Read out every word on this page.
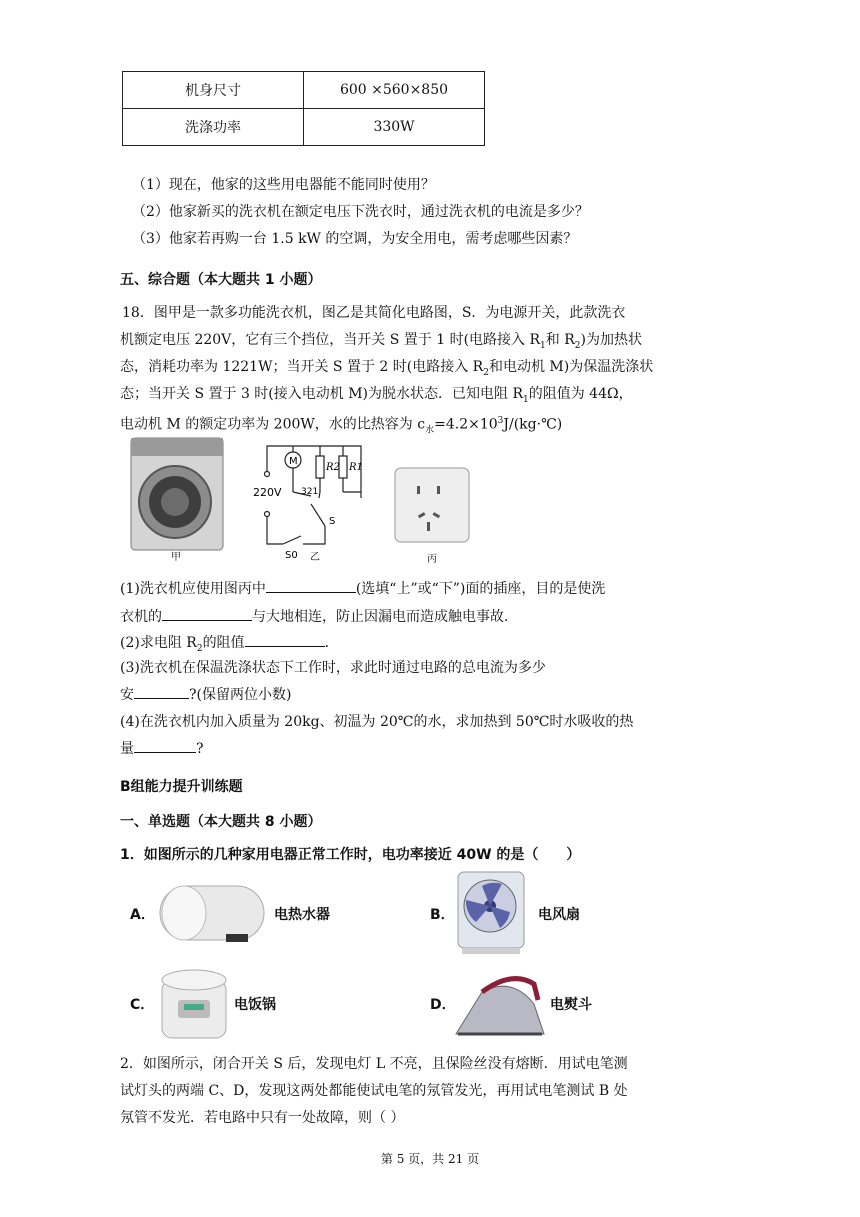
机身尺寸	600 ×560×850
洗涤功率	330W
（1）现在，他家的这些用电器能不能同时使用？
（2）他家新买的洗衣机在额定电压下洗衣时，通过洗衣机的电流是多少？
（3）他家若再购一台 1.5 kW 的空调，为安全用电，需考虑哪些因素？
五、综合题（本大题共 1 小题）
18．图甲是一款多功能洗衣机，图乙是其简化电路图，S．为电源开关，此款洗衣
机额定电压 220V，它有三个挡位，当开关 S 置于 1 时(电路接入 $R_1$和 $R_2$)为加热状
态，消耗功率为 1221W；当开关 S 置于 2 时(电路接入 $R_2$和电动机 M)为保温洗涤状
态；当开关 S 置于 3 时(接入电动机 M)为脱水状态．已知电阻 $R_1$的阻值为 44Ω，
电动机 M 的额定功率为 200W，水的比热容为 $c_水=4.2\times 10^3J/(kg\cdot℃)$
甲
M
R2 R1
220V 321
S
S0 乙	丙
(1)洗衣机应使用图丙中	(选填“上”或“下”)面的插座，目的是使洗
衣机的	与大地相连，防止因漏电而造成触电事故．
(2)求电阻 $R_2$的阻值	．
(3)洗衣机在保温洗涤状态下工作时，求此时通过电路的总电流为多少
安	?(保留两位小数)
(4)在洗衣机内加入质量为 20kg、初温为 20℃的水，求加热到 50℃时水吸收的热
量	?
B组能力提升训练题
一、单选题（本大题共 8 小题）
1．如图所示的几种家用电器正常工作时，电功率接近 40W 的是（　　）
A．	电热水器	B．	电风扇
C．	电饭锅	D．	电熨斗
2．如图所示，闭合开关 S 后，发现电灯 L 不亮，且保险丝没有熔断．用试电笔测
试灯头的两端 C、D，发现这两处都能使试电笔的氖管发光，再用试电笔测试 B 处
氖管不发光．若电路中只有一处故障，则（ ）
第 5 页，共 21 页
